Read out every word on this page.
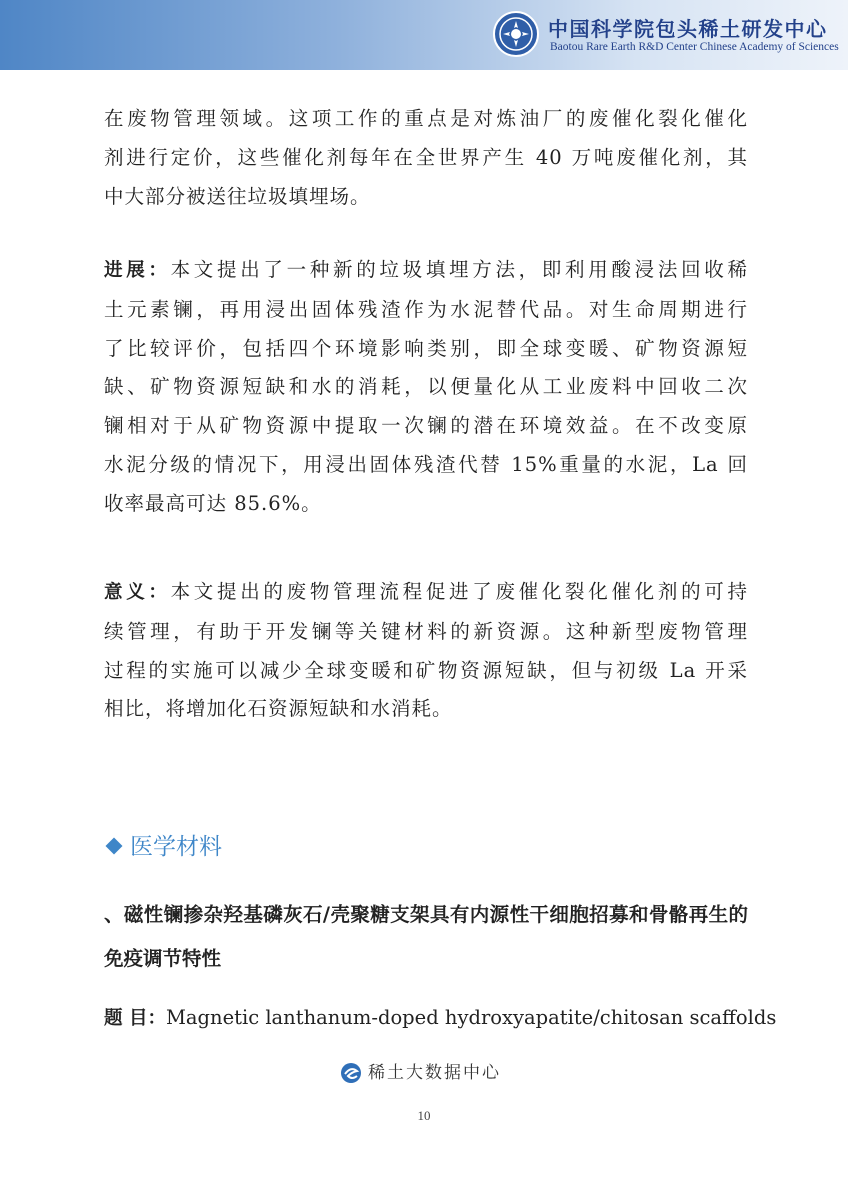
中国科学院包头稀土研发中心
Baotou Rare Earth R&D Center Chinese Academy of Sciences

在废物管理领域。这项工作的重点是对炼油厂的废催化裂化催化
剂进行定价，这些催化剂每年在全世界产生 40 万吨废催化剂，其
中大部分被送往垃圾填埋场。

进展：本文提出了一种新的垃圾填埋方法，即利用酸浸法回收稀
土元素镧，再用浸出固体残渣作为水泥替代品。对生命周期进行
了比较评价，包括四个环境影响类别，即全球变暖、矿物资源短
缺、矿物资源短缺和水的消耗，以便量化从工业废料中回收二次
镧相对于从矿物资源中提取一次镧的潜在环境效益。在不改变原
水泥分级的情况下，用浸出固体残渣代替 15%重量的水泥，La 回
收率最高可达 85.6%。

意义：本文提出的废物管理流程促进了废催化裂化催化剂的可持
续管理，有助于开发镧等关键材料的新资源。这种新型废物管理
过程的实施可以减少全球变暖和矿物资源短缺，但与初级 La 开采
相比，将增加化石资源短缺和水消耗。

医学材料
、磁性镧掺杂羟基磷灰石/壳聚糖支架具有内源性干细胞招募和骨骼再生的免疫调节特性
题 目：Magnetic lanthanum-doped hydroxyapatite/chitosan scaffolds
稀土大数据中心
10
